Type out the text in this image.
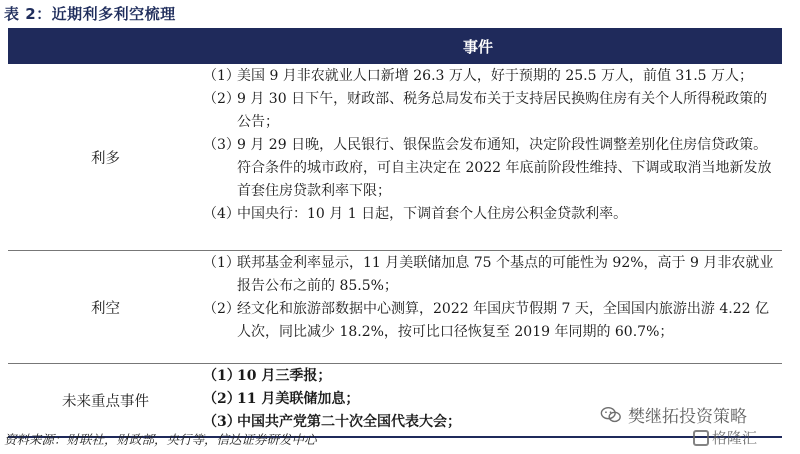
表 2：近期利多利空梳理
事件
利多
（1）
美国 9 月非农就业人口新增 26.3 万人，好于预期的 25.5 万人，前值 31.5 万人；
（2）
9 月 30 日下午，财政部、税务总局发布关于支持居民换购住房有关个人所得税政策的公告；
（3）
9 月 29 日晚，人民银行、银保监会发布通知，决定阶段性调整差别化住房信贷政策。符合条件的城市政府，可自主决定在 2022 年底前阶段性维持、下调或取消当地新发放首套住房贷款利率下限；
（4）
中国央行：10 月 1 日起，下调首套个人住房公积金贷款利率。
利空
（1）
联邦基金利率显示，11 月美联储加息 75 个基点的可能性为 92%，高于 9 月非农就业报告公布之前的 85.5%；
（2）
经文化和旅游部数据中心测算，2022 年国庆节假期 7 天，全国国内旅游出游 4.22 亿人次，同比减少 18.2%，按可比口径恢复至 2019 年同期的 60.7%；
未来重点事件
（1）
10 月三季报；
（2）
11 月美联储加息；
（3）
中国共产党第二十次全国代表大会；
资料来源：财联社，财政部，央行等，信达证券研发中心
樊继拓投资策略
格隆汇
